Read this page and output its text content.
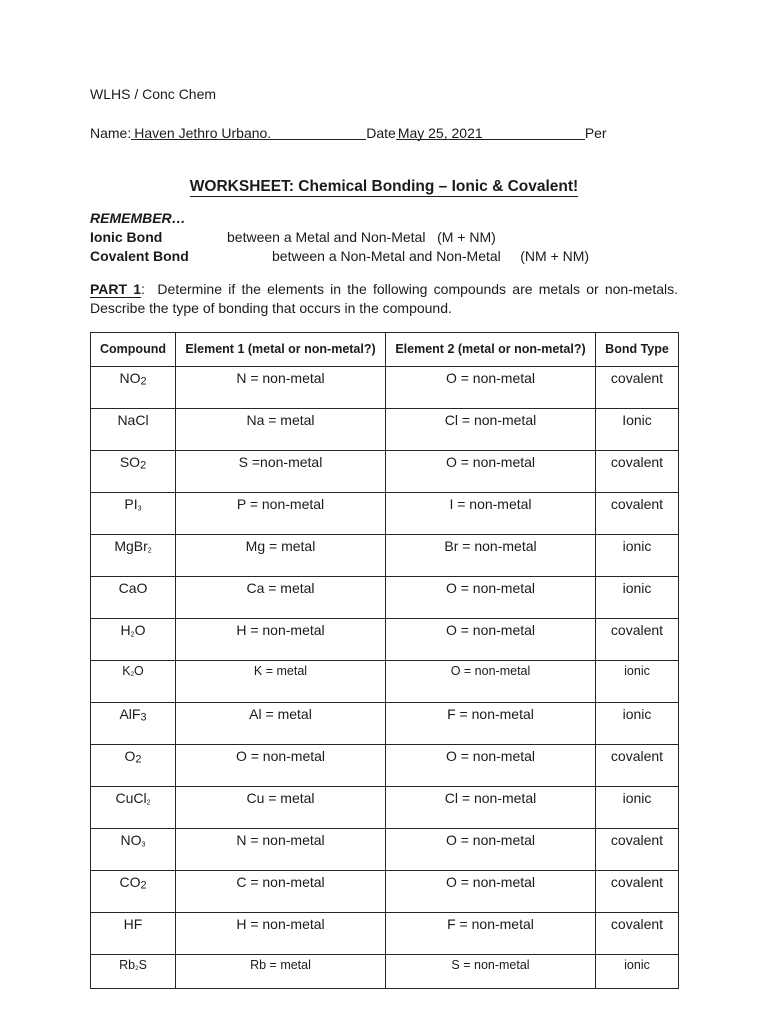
WLHS / Conc Chem
Name: Haven Jethro Urbano.	Date May 25, 2021	Per
WORKSHEET: Chemical Bonding – Ionic & Covalent!
REMEMBER…
Ionic Bond	between a Metal and Non-Metal   (M + NM)
Covalent Bond	between a Non-Metal and Non-Metal     (NM + NM)
PART 1:  Determine if the elements in the following compounds are metals or non-metals.
Describe the type of bonding that occurs in the compound.
Compound	Element 1 (metal or non-metal?)	Element 2 (metal or non-metal?)	Bond Type
NO2	N = non-metal	O = non-metal	covalent
NaCl	Na = metal	Cl = non-metal	Ionic
SO2	S =non-metal	O = non-metal	covalent
PI3	P = non-metal	I = non-metal	covalent
MgBr2	Mg = metal	Br = non-metal	ionic
CaO	Ca = metal	O = non-metal	ionic
H2O	H = non-metal	O = non-metal	covalent
K2O	K = metal	O = non-metal	ionic
AlF3	Al = metal	F = non-metal	ionic
O2	O = non-metal	O = non-metal	covalent
CuCl2	Cu = metal	Cl = non-metal	ionic
NO3	N = non-metal	O = non-metal	covalent
CO2	C = non-metal	O = non-metal	covalent
HF	H = non-metal	F = non-metal	covalent
Rb2S	Rb = metal	S = non-metal	ionic
